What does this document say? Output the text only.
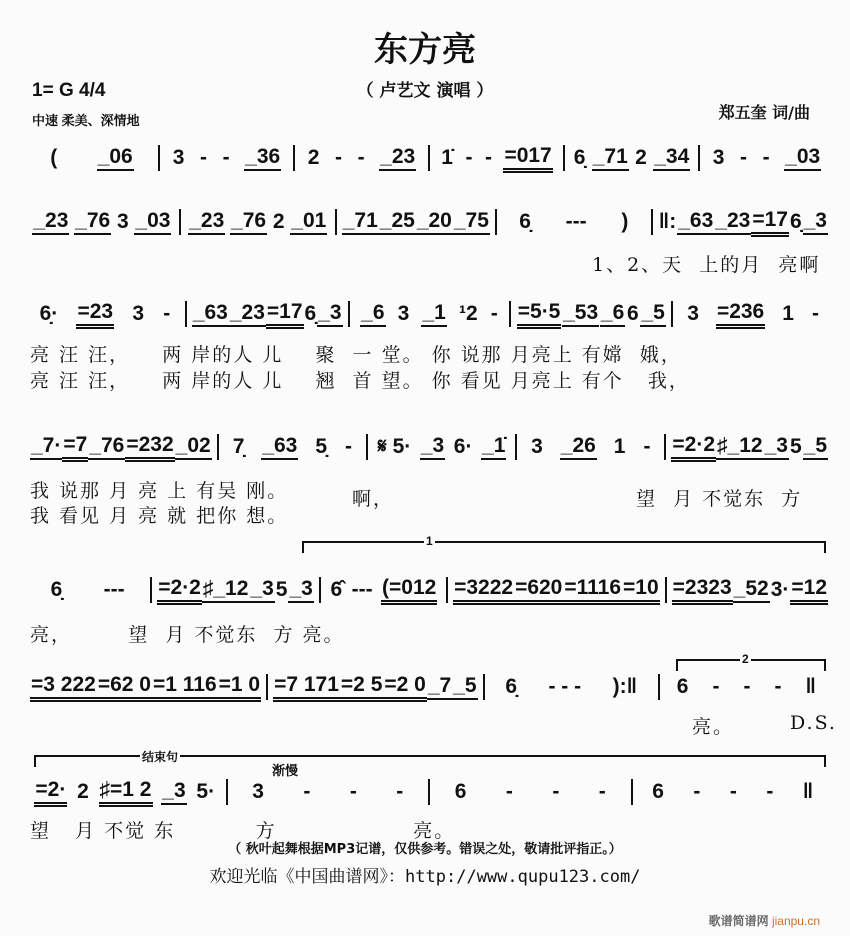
东方亮
（ 卢艺文 演唱 ）
1= G 4/4
中速 柔美、深情地	郑五奎 词/曲
( _06 3 - - _36 2 - - _23 1̇ - - =017 6̣ _71 2 _34 3 - - _03
_23 _76 3 _03 _23 _76 2 _01 _71 _25 _20 _75 6̣ --- ) ‖: _63 _23 =17 6̣ _3
6̣· =23 3 - _63 _23 =17 6̣ _3 _6 3 _1 ¹2 - =5·5 _53 _6 6 _5 3 =236 1 -
_7· =7 _76 =232 _02 7̣ _63 5̣ - 𝄋 5· _3 6· _1̇ 3 _26 1 - =2·2 ♯_12 _3 5 _5
6̣ --- =2·2 ♯_12 _3 5 _3 6̂ --- (=012 =3222 =620 =1116 =10 =2323 _52 3· =12
=3 222 =62 0 =1 116 =1 0 =7 171 =2 5 =2 0 _7 _5 6̣ - - - ):‖ 6 - - - ‖
=2· 2 ♯=1 2 _3 5· 3 - - - 6 - - - 6 - - - ‖
1、2、天  上的月  亮啊
亮 汪 汪，    两 岸的人 儿    聚  一 堂。 你 说那 月亮上 有嫦  娥，
亮 汪 汪，    两 岸的人 儿    翘  首 望。 你 看见 月亮上 有个   我，
我 说那 月 亮 上 有吴 刚。
我 看见 月 亮 就 把你 想。
啊，	望  月 不觉东  方
亮，       望  月 不觉东  方 亮。
亮。	D.S.
望   月 不觉 东          方                 亮。
1
2
结束句
渐慢
（ 秋叶起舞根据MP3记谱，仅供参考。错误之处，敬请批评指正。）
欢迎光临《中国曲谱网》：http://www.qupu123.com/
歌谱简谱网 jianpu.cn
